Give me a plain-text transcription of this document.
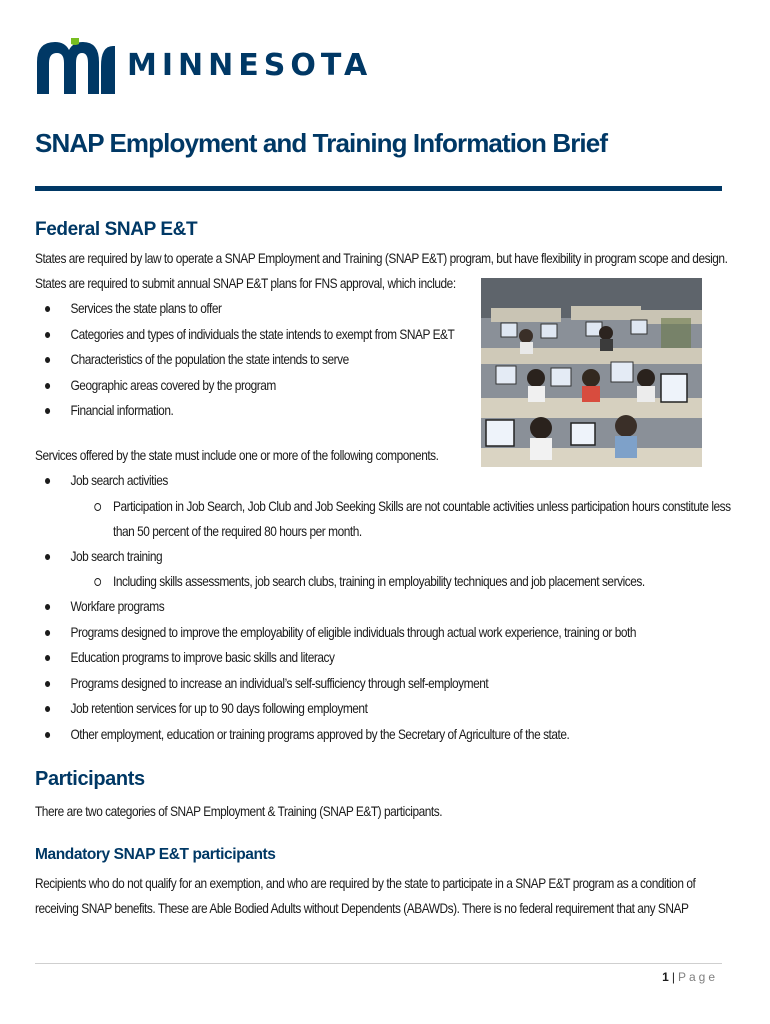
MINNESOTA
SNAP Employment and Training Information Brief
Federal SNAP E&T

States are required by law to operate a SNAP Employment and Training (SNAP E&T) program, but have flexibility in program scope and design.

States are required to submit annual SNAP E&T plans for FNS approval, which include:

Services the state plans to offer
Categories and types of individuals the state intends to exempt from SNAP E&T
Characteristics of the population the state intends to serve
Geographic areas covered by the program
Financial information.

Services offered by the state must include one or more of the following components.

Job search activities
Participation in Job Search, Job Club and Job Seeking Skills are not countable activities unless participation hours constitute less
than 50 percent of the required 80 hours per month.
Job search training
Including skills assessments, job search clubs, training in employability techniques and job placement services.
Workfare programs
Programs designed to improve the employability of eligible individuals through actual work experience, training or both
Education programs to improve basic skills and literacy
Programs designed to increase an individual’s self-sufficiency through self-employment
Job retention services for up to 90 days following employment
Other employment, education or training programs approved by the Secretary of Agriculture of the state.
Participants

There are two categories of SNAP Employment & Training (SNAP E&T) participants.

Mandatory SNAP E&T participants

Recipients who do not qualify for an exemption, and who are required by the state to participate in a SNAP E&T program as a condition of

receiving SNAP benefits. These are Able Bodied Adults without Dependents (ABAWDs). There is no federal requirement that any SNAP

1 | Page
